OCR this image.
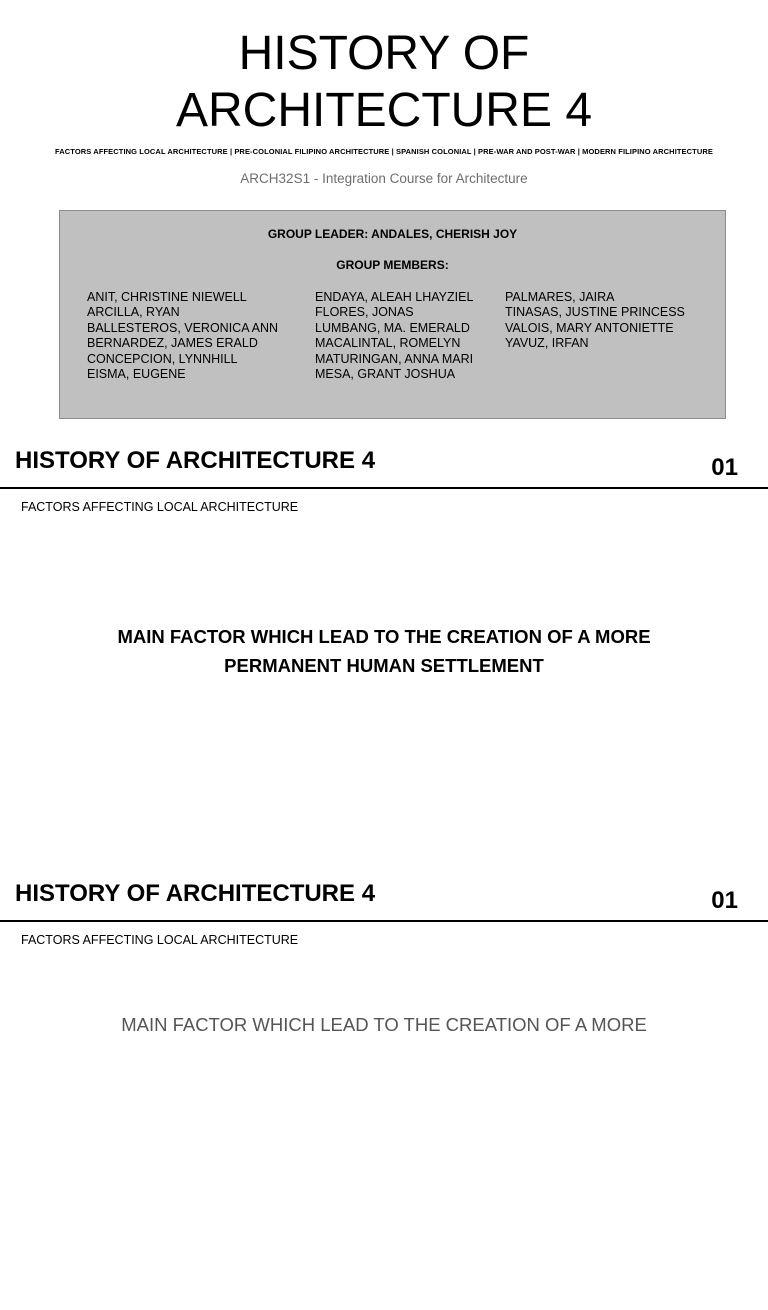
HISTORY OF
ARCHITECTURE 4
FACTORS AFFECTING LOCAL ARCHITECTURE | PRE-COLONIAL FILIPINO ARCHITECTURE | SPANISH COLONIAL | PRE-WAR AND POST-WAR | MODERN FILIPINO ARCHITECTURE
ARCH32S1 - Integration Course for Architecture
GROUP LEADER: ANDALES, CHERISH JOY
GROUP MEMBERS:
ANIT, CHRISTINE NIEWELL
ARCILLA, RYAN
BALLESTEROS, VERONICA ANN
BERNARDEZ, JAMES ERALD
CONCEPCION, LYNNHILL
EISMA, EUGENE
ENDAYA, ALEAH LHAYZIEL
FLORES, JONAS
LUMBANG, MA. EMERALD
MACALINTAL, ROMELYN
MATURINGAN, ANNA MARI
MESA, GRANT JOSHUA
PALMARES, JAIRA
TINASAS, JUSTINE PRINCESS
VALOIS, MARY ANTONIETTE
YAVUZ, IRFAN
HISTORY OF ARCHITECTURE 4	01
FACTORS AFFECTING LOCAL ARCHITECTURE
MAIN FACTOR WHICH LEAD TO THE CREATION OF A MORE
PERMANENT HUMAN SETTLEMENT
HISTORY OF ARCHITECTURE 4	01
FACTORS AFFECTING LOCAL ARCHITECTURE
MAIN FACTOR WHICH LEAD TO THE CREATION OF A MORE
